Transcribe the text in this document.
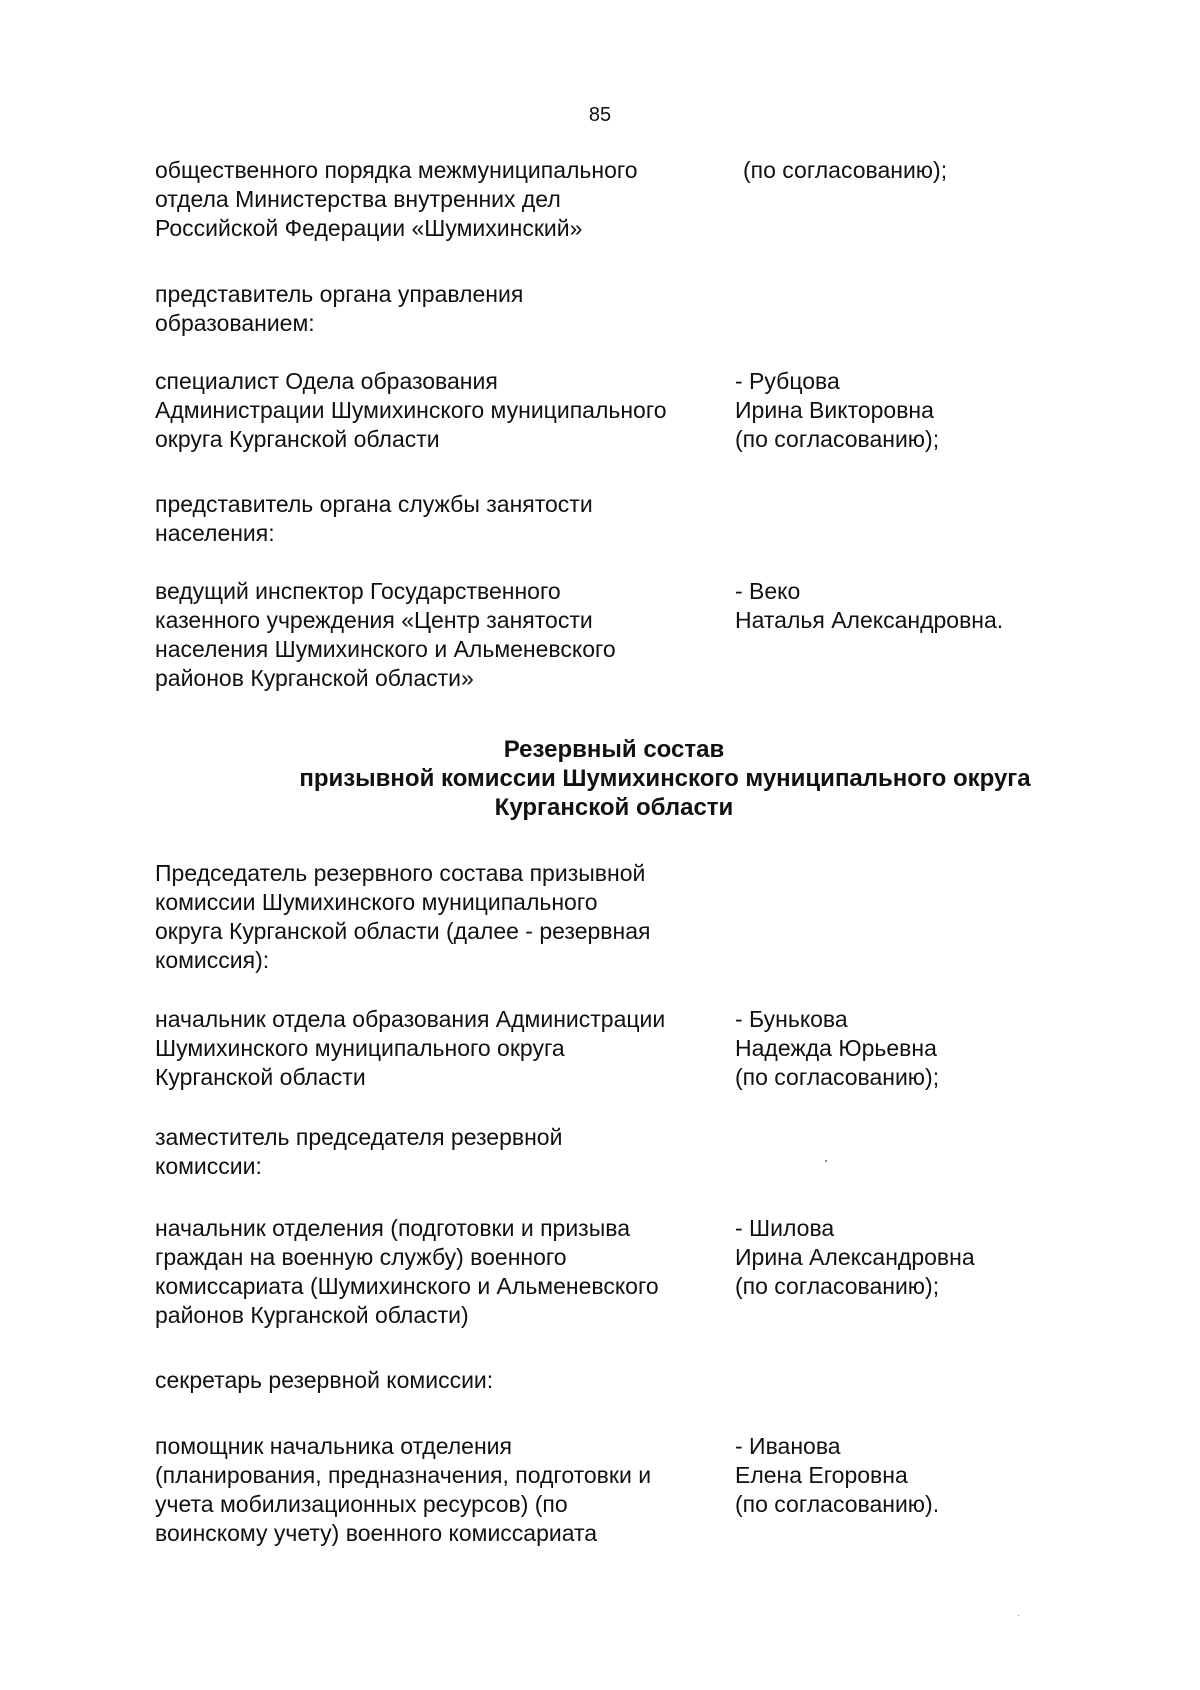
85

общественного порядка межмуниципального
отдела Министерства внутренних дел
Российской Федерации «Шумихинский»

(по согласованию);

представитель органа управления
образованием:

специалист Одела образования
Администрации Шумихинского муниципального
округа Курганской области

- Рубцова
Ирина Викторовна
(по согласованию);

представитель органа службы занятости
населения:

ведущий инспектор Государственного
казенного учреждения «Центр занятости
населения Шумихинского и Альменевского
районов Курганской области»

- Веко
Наталья Александровна.

Резервный состав
призывной комиссии Шумихинского муниципального округа
Курганской области

Председатель резервного состава призывной
комиссии Шумихинского муниципального
округа Курганской области (далее - резервная
комиссия):

начальник отдела образования Администрации
Шумихинского муниципального округа
Курганской области

- Бунькова
Надежда Юрьевна
(по согласованию);

заместитель председателя резервной
комиссии:

начальник отделения (подготовки и призыва
граждан на военную службу) военного
комиссариата (Шумихинского и Альменевского
районов Курганской области)

- Шилова
Ирина Александровна
(по согласованию);

секретарь резервной комиссии:

помощник начальника отделения
(планирования, предназначения, подготовки и
учета мобилизационных ресурсов) (по
воинскому учету) военного комиссариата

- Иванова
Елена Егоровна
(по согласованию).
